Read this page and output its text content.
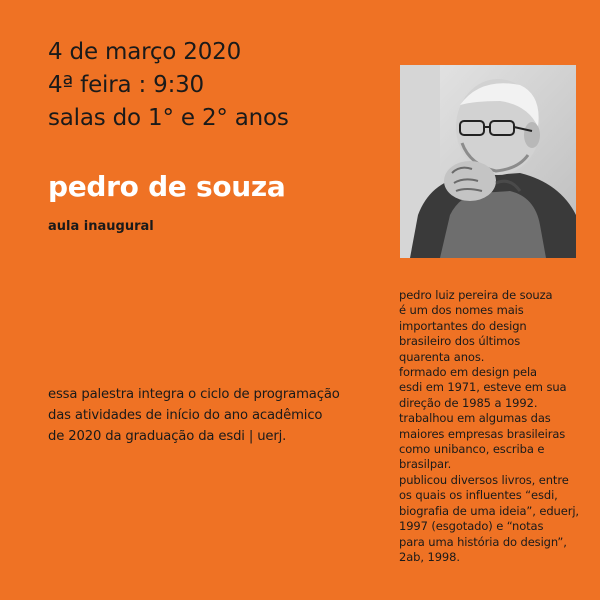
4 de março 2020
4ª feira : 9:30
salas do 1° e 2° anos
pedro de souza
aula inaugural
essa palestra integra o ciclo de programação
das atividades de início do ano acadêmico
de 2020 da graduação da esdi | uerj.
pedro luiz pereira de souza
é um dos nomes mais
importantes do design
brasileiro dos últimos
quarenta anos.
formado em design pela
esdi em 1971, esteve em sua
direção de 1985 a 1992.
trabalhou em algumas das
maiores empresas brasileiras
como unibanco, escriba e
brasilpar.
publicou diversos livros, entre
os quais os influentes “esdi,
biografia de uma ideia”, eduerj,
1997 (esgotado) e “notas
para uma história do design”,
2ab, 1998.
